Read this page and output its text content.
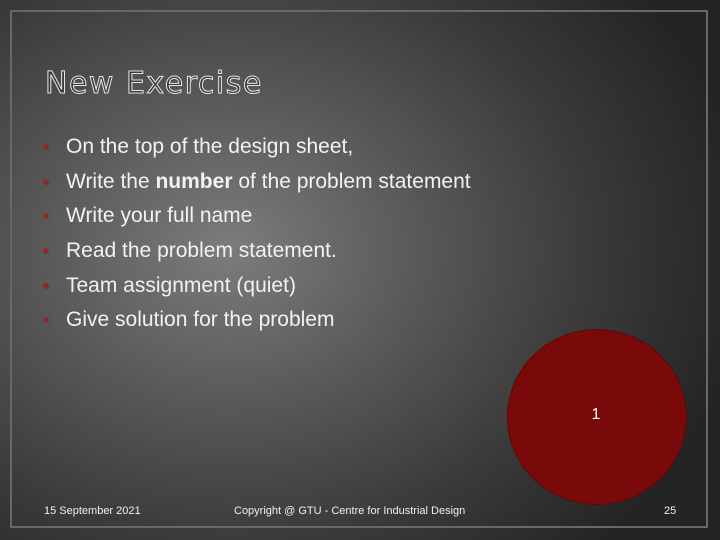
New Exercise
On the top of the design sheet,
Write the number of the problem statement
Write your full name
Read the problem statement.
Team assignment (quiet)
Give solution for the problem
1
15 September 2021	Copyright @ GTU - Centre for Industrial Design	25
